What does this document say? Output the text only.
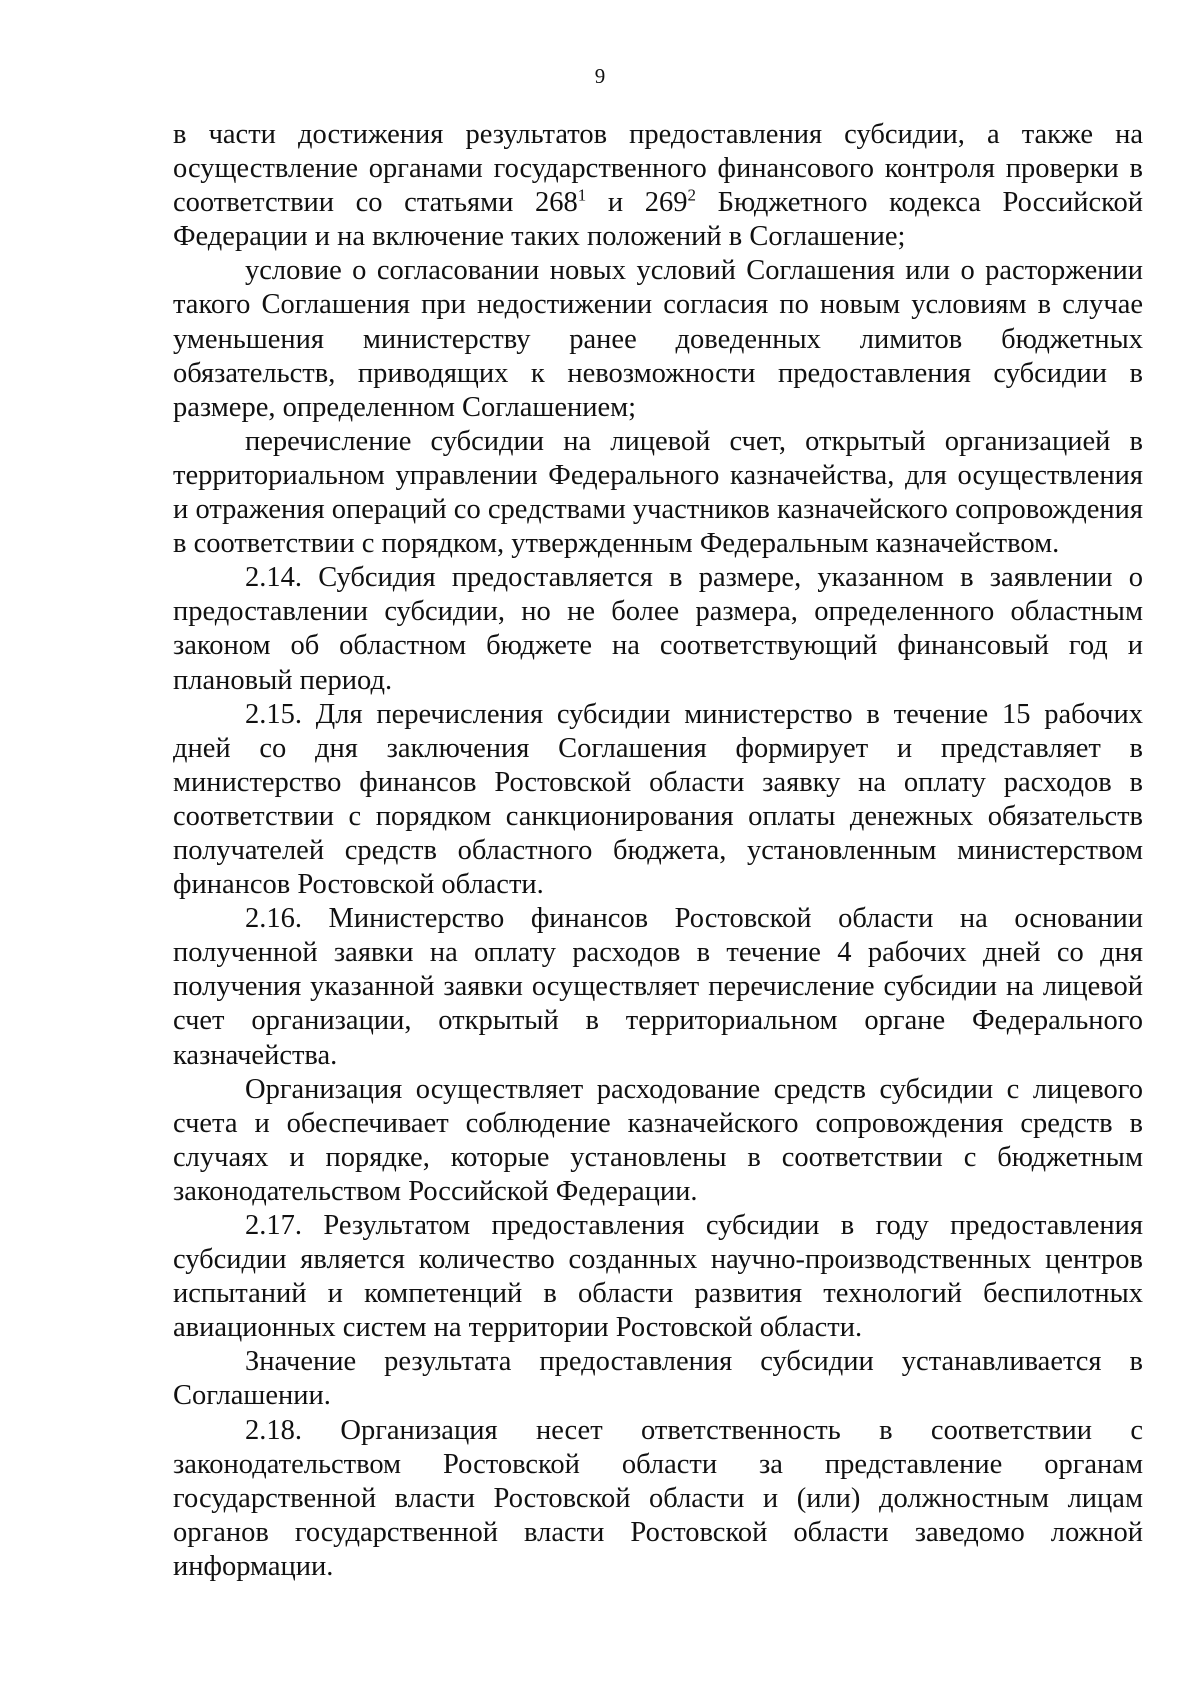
9

в части достижения результатов предоставления субсидии, а также на осуществление органами государственного финансового контроля проверки в соответствии со статьями $268^1$ и $269^2$ Бюджетного кодекса Российской Федерации и на включение таких положений в Соглашение;

условие о согласовании новых условий Соглашения или о расторжении такого Соглашения при недостижении согласия по новым условиям в случае уменьшения министерству ранее доведенных лимитов бюджетных обязательств, приводящих к невозможности предоставления субсидии в размере, определенном Соглашением;

перечисление субсидии на лицевой счет, открытый организацией в территориальном управлении Федерального казначейства, для осуществления и отражения операций со средствами участников казначейского сопровождения в соответствии с порядком, утвержденным Федеральным казначейством.

2.14. Субсидия предоставляется в размере, указанном в заявлении о предоставлении субсидии, но не более размера, определенного областным законом об областном бюджете на соответствующий финансовый год и плановый период.

2.15. Для перечисления субсидии министерство в течение 15 рабочих дней со дня заключения Соглашения формирует и представляет в министерство финансов Ростовской области заявку на оплату расходов в соответствии с порядком санкционирования оплаты денежных обязательств получателей средств областного бюджета, установленным министерством финансов Ростовской области.

2.16. Министерство финансов Ростовской области на основании полученной заявки на оплату расходов в течение 4 рабочих дней со дня получения указанной заявки осуществляет перечисление субсидии на лицевой счет организации, открытый в территориальном органе Федерального казначейства.

Организация осуществляет расходование средств субсидии с лицевого счета и обеспечивает соблюдение казначейского сопровождения средств в случаях и порядке, которые установлены в соответствии с бюджетным законодательством Российской Федерации.

2.17. Результатом предоставления субсидии в году предоставления субсидии является количество созданных научно-производственных центров испытаний и компетенций в области развития технологий беспилотных авиационных систем на территории Ростовской области.

Значение результата предоставления субсидии устанавливается в Соглашении.

2.18. Организация несет ответственность в соответствии с законодательством Ростовской области за представление органам государственной власти Ростовской области и (или) должностным лицам органов государственной власти Ростовской области заведомо ложной информации.
